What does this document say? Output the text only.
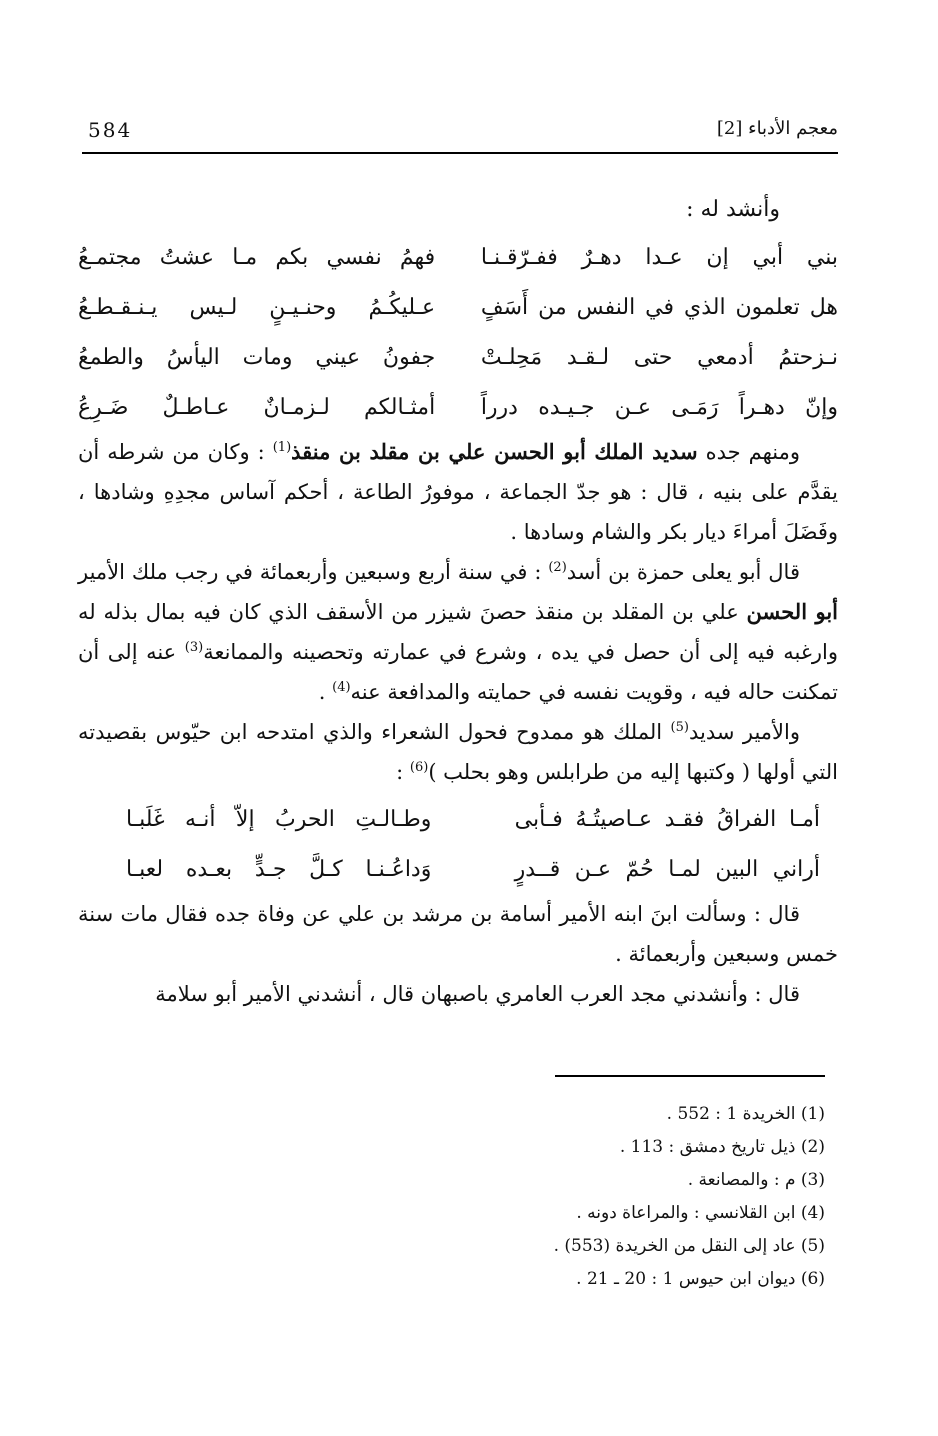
584	معجم الأدباء [2]
وأنشد له :
بني أبي إن عـدا دهـرٌ ففـرّقـنـا
فهمُ نفسي بكم مـا عشتُ مجتمـعُ
هل تعلمون الذي في النفس من أَسَفٍ
عـليكُـمُ وحنـيـنٍ لـيس يـنـقـطـعُ
نـزحتمُ أدمعي حتى لـقـد مَحِلـتْ
جفونُ عيني ومات اليأسُ والطمعُ
وإنّ دهـراً رَمَـى عـن جـيـده درراً
أمثـالكم لـزمـانٌ عـاطـلٌ ضَـرِعُ

ومنهم جده سديد الملك أبو الحسن علي بن مقلد بن منقذ$^{(1)}$ : وكان من شرطه أن يقدَّم على بنيه ، قال : هو جدّ الجماعة ، موفورُ الطاعة ، أحكم آساس مجدِهِ وشادها ، وفَضَلَ أمراءَ ديار بكر والشام وسادها .

قال أبو يعلى حمزة بن أسد$^{(2)}$ : في سنة أربع وسبعين وأربعمائة في رجب ملك الأمير أبو الحسن علي بن المقلد بن منقذ حصنَ شيزر من الأسقف الذي كان فيه بمال بذله له وارغبه فيه إلى أن حصل في يده ، وشرع في عمارته وتحصينه والممانعة$^{(3)}$ عنه إلى أن تمكنت حاله فيه ، وقويت نفسه في حمايته والمدافعة عنه$^{(4)}$ .

والأمير سديد$^{(5)}$ الملك هو ممدوح فحول الشعراء والذي امتدحه ابن حيّوس بقصيدته التي أولها ( وكتبها إليه من طرابلس وهو بحلب )$^{(6)}$ :

أمـا الفراقُ فقـد عـاصيتُـهُ فـأبى
وطـالـتِ الحربُ إلاّ أنـه غَلَبـا
أراني البين لمـا حُمّ عـن قــدرٍ
وَداعُـنـا كـلَّ جـدٍّ بعـده لعبـا

قال : وسألت ابنَ ابنه الأمير أسامة بن مرشد بن علي عن وفاة جده فقال مات سنة خمس وسبعين وأربعمائة .

قال : وأنشدني مجد العرب العامري باصبهان قال ، أنشدني الأمير أبو سلامة

(1) الخريدة 1 : 552 .
(2) ذيل تاريخ دمشق : 113 .
(3) م : والمصانعة .
(4) ابن القلانسي : والمراعاة دونه .
(5) عاد إلى النقل من الخريدة (553) .
(6) ديوان ابن حيوس 1 : 20 ـ 21 .
